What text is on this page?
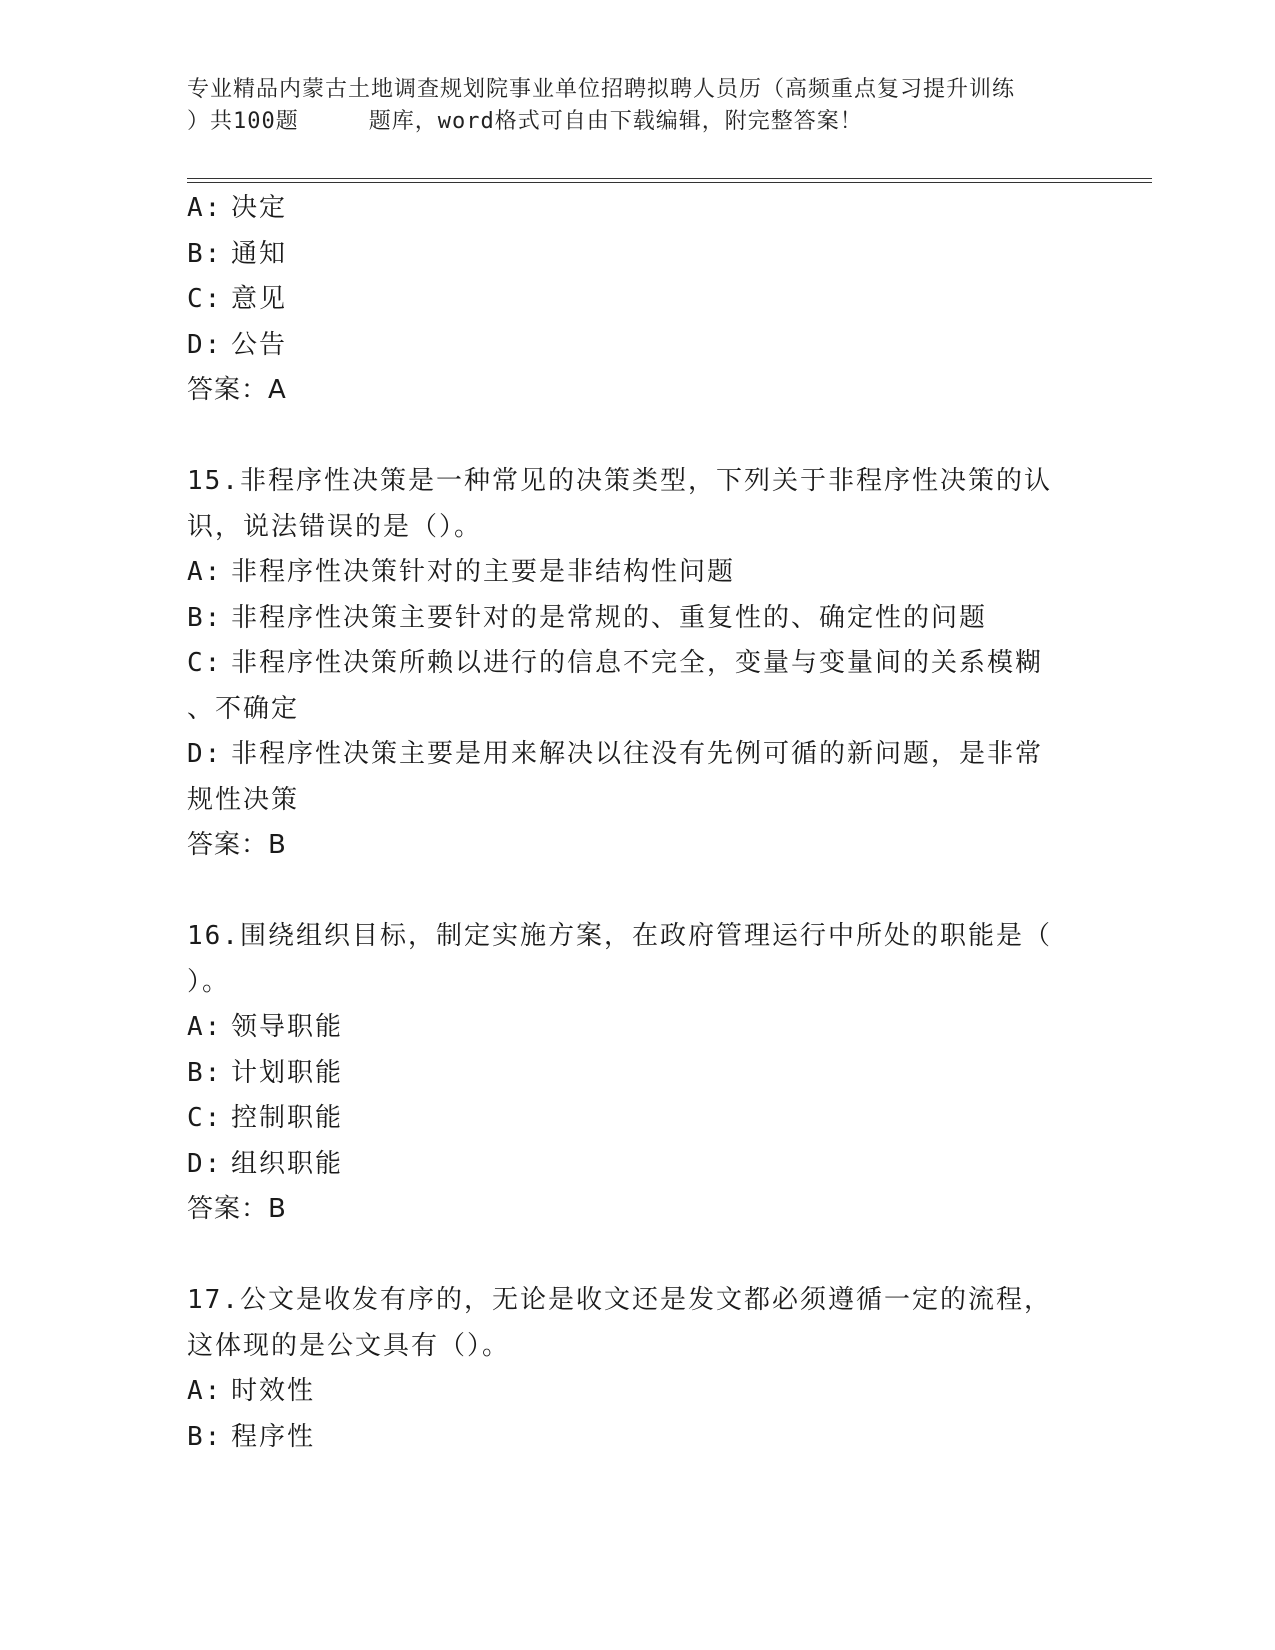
专业精品内蒙古土地调查规划院事业单位招聘拟聘人员历（高频重点复习提升训练
）共100题	题库，word格式可自由下载编辑，附完整答案！
A: 决定
B: 通知
C: 意见
D: 公告
答案：A
15.非程序性决策是一种常见的决策类型，下列关于非程序性决策的认
识，说法错误的是（）。
A: 非程序性决策针对的主要是非结构性问题
B: 非程序性决策主要针对的是常规的、重复性的、确定性的问题
C: 非程序性决策所赖以进行的信息不完全，变量与变量间的关系模糊
、不确定
D: 非程序性决策主要是用来解决以往没有先例可循的新问题，是非常
规性决策
答案：B
16.围绕组织目标，制定实施方案，在政府管理运行中所处的职能是（
）。
A: 领导职能
B: 计划职能
C: 控制职能
D: 组织职能
答案：B
17.公文是收发有序的，无论是收文还是发文都必须遵循一定的流程，
这体现的是公文具有（）。
A: 时效性
B: 程序性
